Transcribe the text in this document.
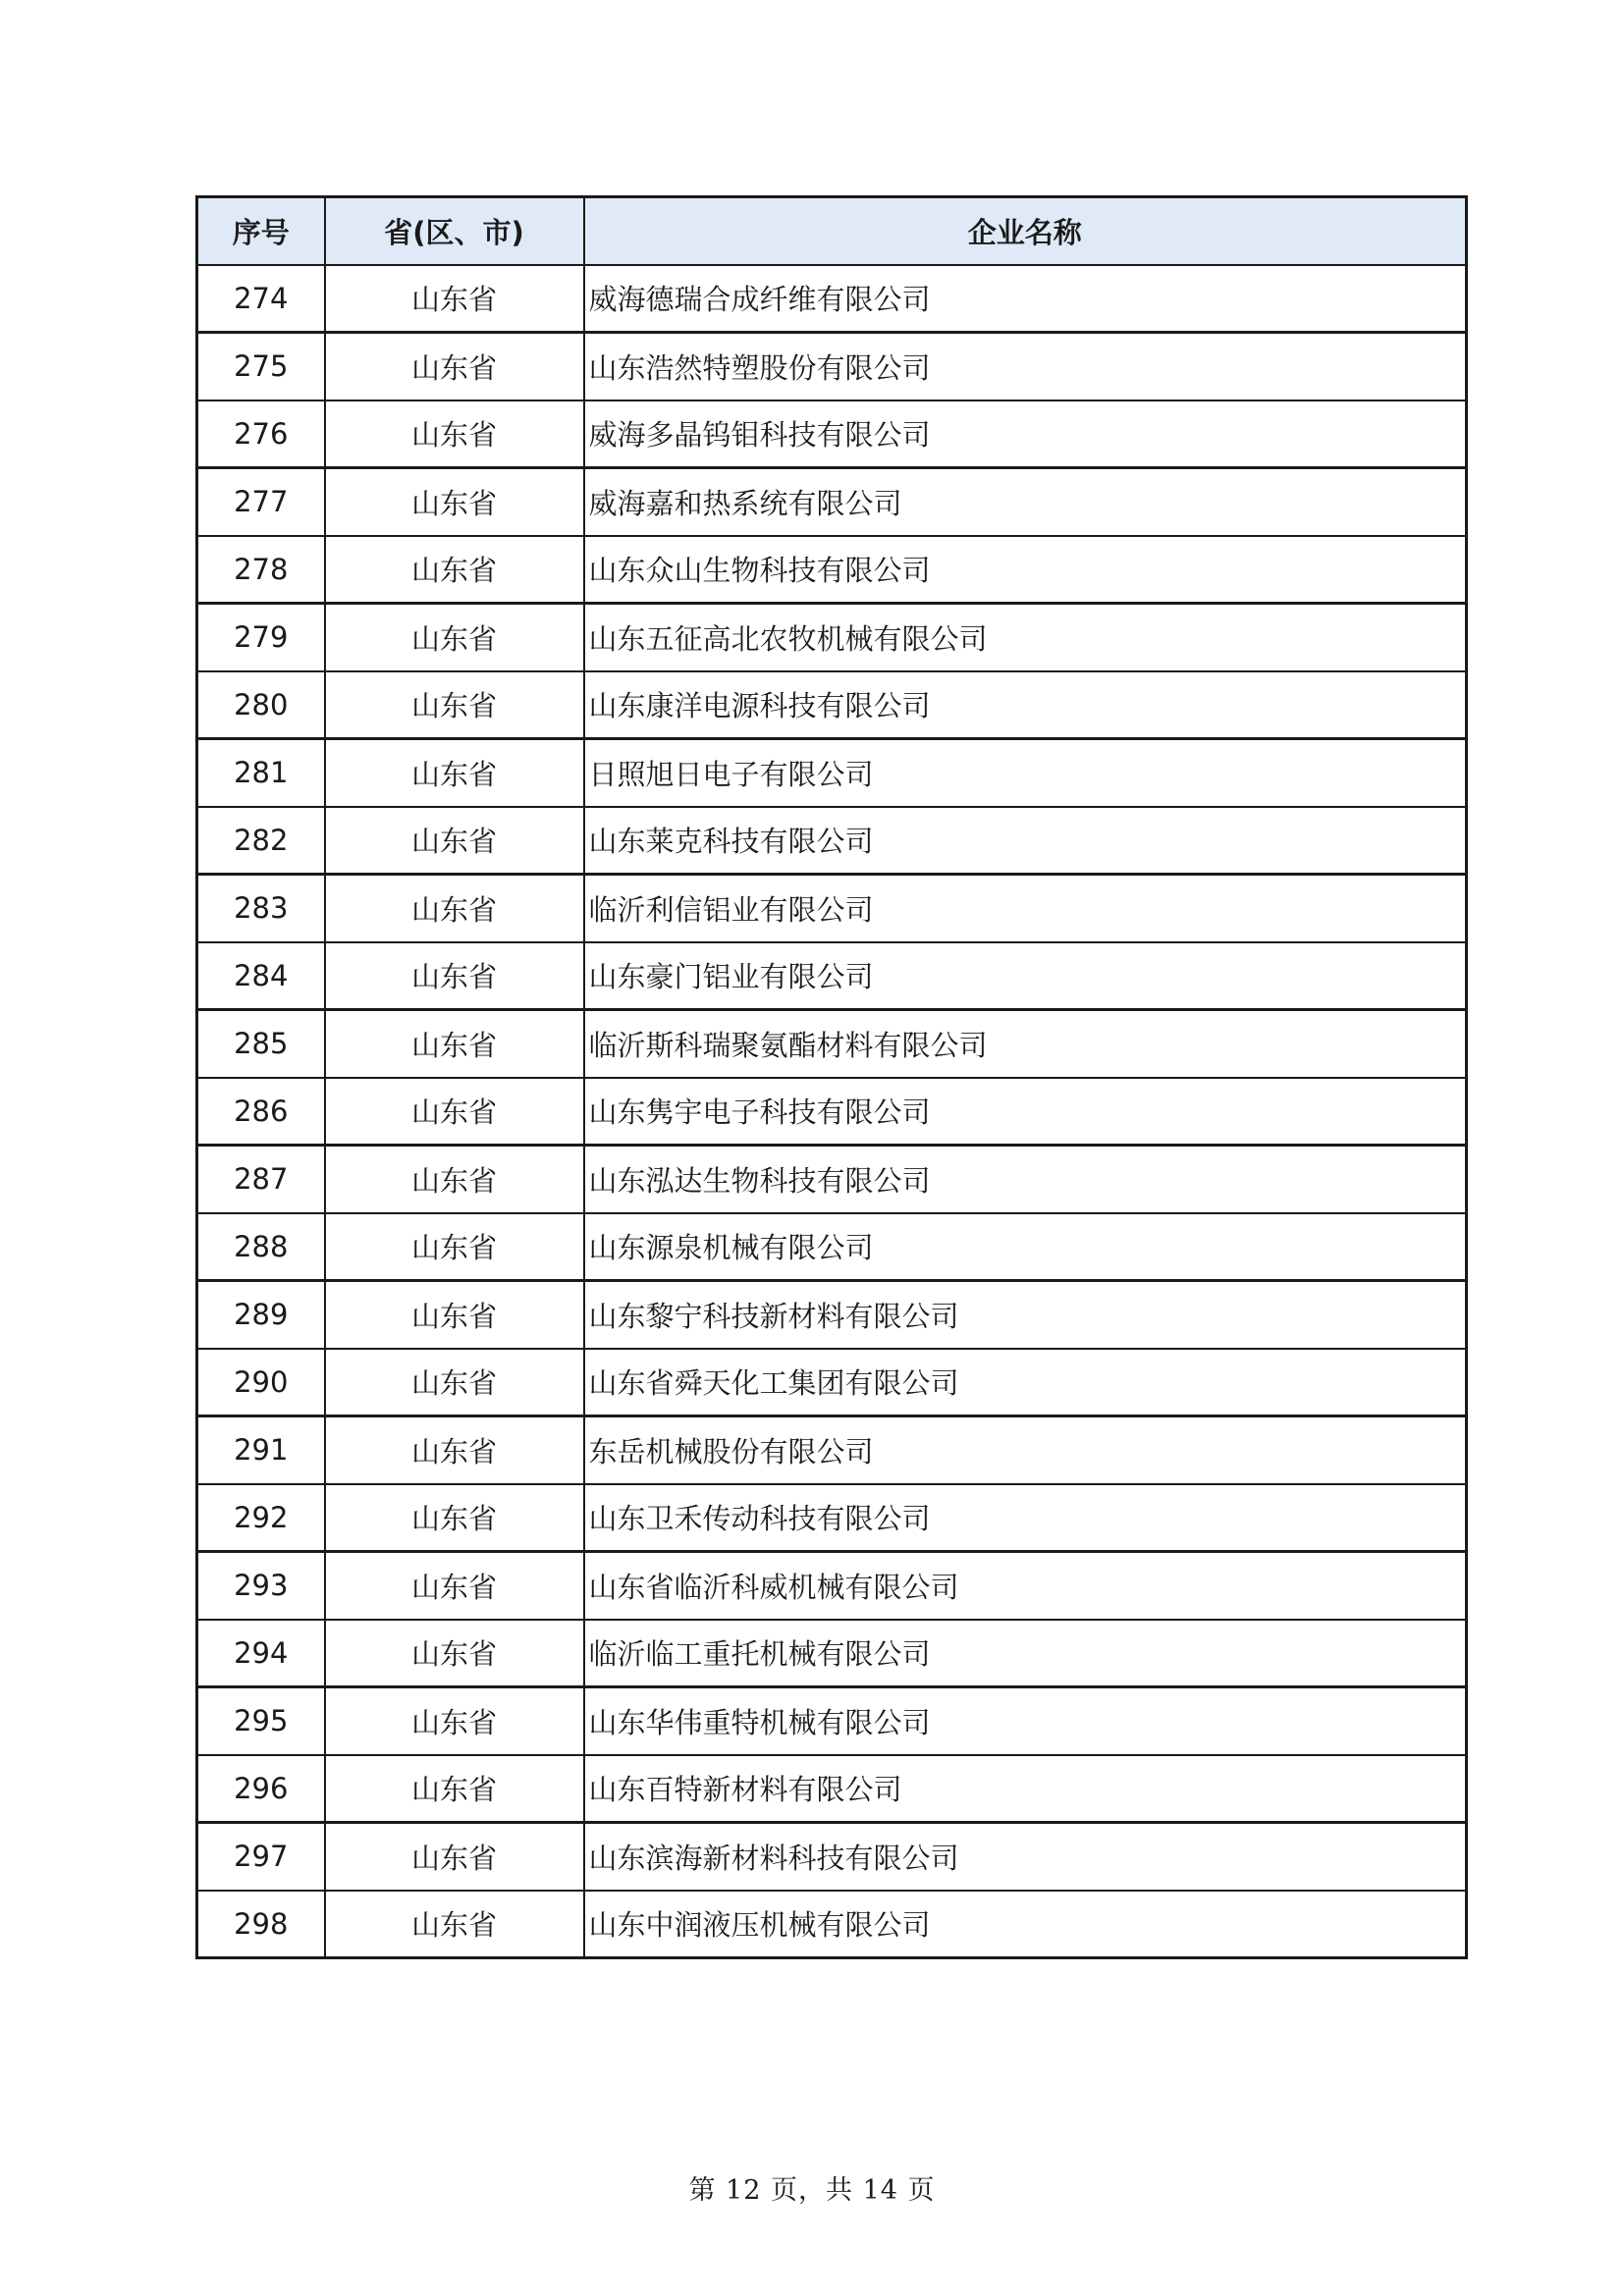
序号	省(区、市)	企业名称
274	山东省	威海德瑞合成纤维有限公司
275	山东省	山东浩然特塑股份有限公司
276	山东省	威海多晶钨钼科技有限公司
277	山东省	威海嘉和热系统有限公司
278	山东省	山东众山生物科技有限公司
279	山东省	山东五征高北农牧机械有限公司
280	山东省	山东康洋电源科技有限公司
281	山东省	日照旭日电子有限公司
282	山东省	山东莱克科技有限公司
283	山东省	临沂利信铝业有限公司
284	山东省	山东豪门铝业有限公司
285	山东省	临沂斯科瑞聚氨酯材料有限公司
286	山东省	山东隽宇电子科技有限公司
287	山东省	山东泓达生物科技有限公司
288	山东省	山东源泉机械有限公司
289	山东省	山东黎宁科技新材料有限公司
290	山东省	山东省舜天化工集团有限公司
291	山东省	东岳机械股份有限公司
292	山东省	山东卫禾传动科技有限公司
293	山东省	山东省临沂科威机械有限公司
294	山东省	临沂临工重托机械有限公司
295	山东省	山东华伟重特机械有限公司
296	山东省	山东百特新材料有限公司
297	山东省	山东滨海新材料科技有限公司
298	山东省	山东中润液压机械有限公司
第 12 页，共 14 页
